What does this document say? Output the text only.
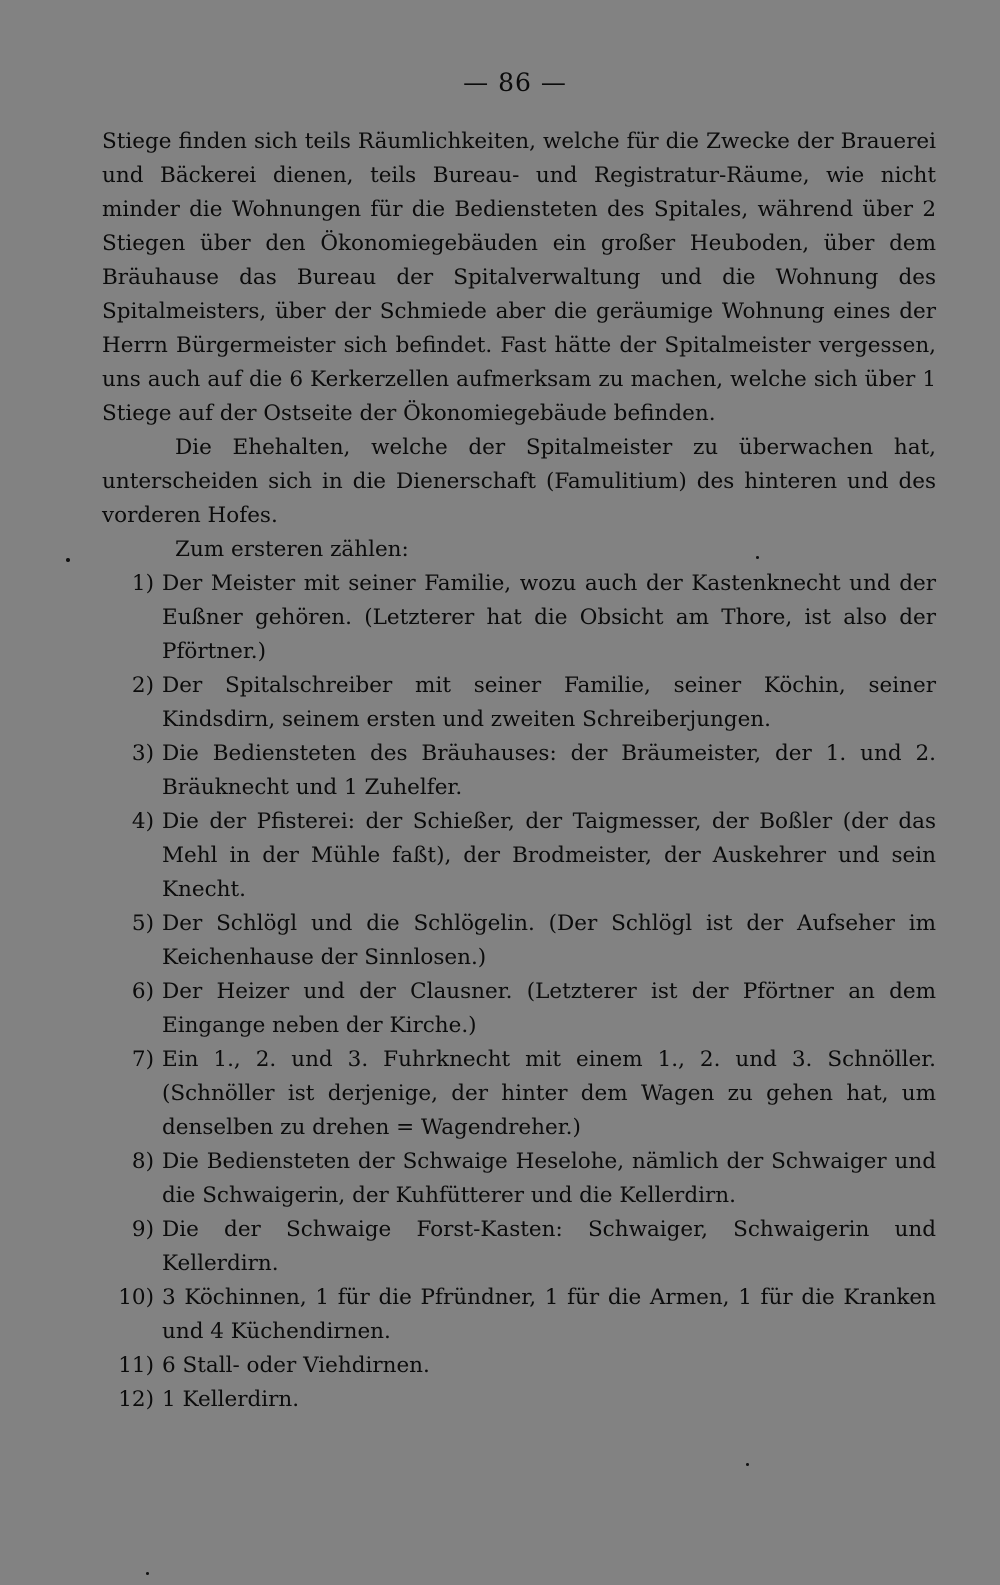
— 86 —

Stiege finden sich teils Räumlichkeiten, welche für die Zwecke der Brauerei und Bäckerei dienen, teils Bureau- und Registratur-Räume, wie nicht minder die Wohnungen für die Bediensteten des Spitales, während über 2 Stiegen über den Ökonomiegebäuden ein großer Heuboden, über dem Bräuhause das Bureau der Spitalverwaltung und die Wohnung des Spitalmeisters, über der Schmiede aber die geräumige Wohnung eines der Herrn Bürgermeister sich befindet. Fast hätte der Spitalmeister vergessen, uns auch auf die 6 Kerkerzellen aufmerksam zu machen, welche sich über 1 Stiege auf der Ostseite der Ökonomiegebäude befinden.

Die Ehehalten, welche der Spitalmeister zu überwachen hat, unterscheiden sich in die Dienerschaft (Famulitium) des hinteren und des vorderen Hofes.

Zum ersteren zählen:

1) Der Meister mit seiner Familie, wozu auch der Kastenknecht und der Eußner gehören. (Letzterer hat die Obsicht am Thore, ist also der Pförtner.)
2) Der Spitalschreiber mit seiner Familie, seiner Köchin, seiner Kindsdirn, seinem ersten und zweiten Schreiberjungen.
3) Die Bediensteten des Bräuhauses: der Bräumeister, der 1. und 2. Bräuknecht und 1 Zuhelfer.
4) Die der Pfisterei: der Schießer, der Taigmesser, der Boßler (der das Mehl in der Mühle faßt), der Brodmeister, der Auskehrer und sein Knecht.
5) Der Schlögl und die Schlögelin. (Der Schlögl ist der Aufseher im Keichenhause der Sinnlosen.)
6) Der Heizer und der Clausner. (Letzterer ist der Pförtner an dem Eingange neben der Kirche.)
7) Ein 1., 2. und 3. Fuhrknecht mit einem 1., 2. und 3. Schnöller. (Schnöller ist derjenige, der hinter dem Wagen zu gehen hat, um denselben zu drehen = Wagendreher.)
8) Die Bediensteten der Schwaige Heselohe, nämlich der Schwaiger und die Schwaigerin, der Kuhfütterer und die Kellerdirn.
9) Die der Schwaige Forst-Kasten: Schwaiger, Schwaigerin und Kellerdirn.
10) 3 Köchinnen, 1 für die Pfründner, 1 für die Armen, 1 für die Kranken und 4 Küchendirnen.
11) 6 Stall- oder Viehdirnen.
12) 1 Kellerdirn.
